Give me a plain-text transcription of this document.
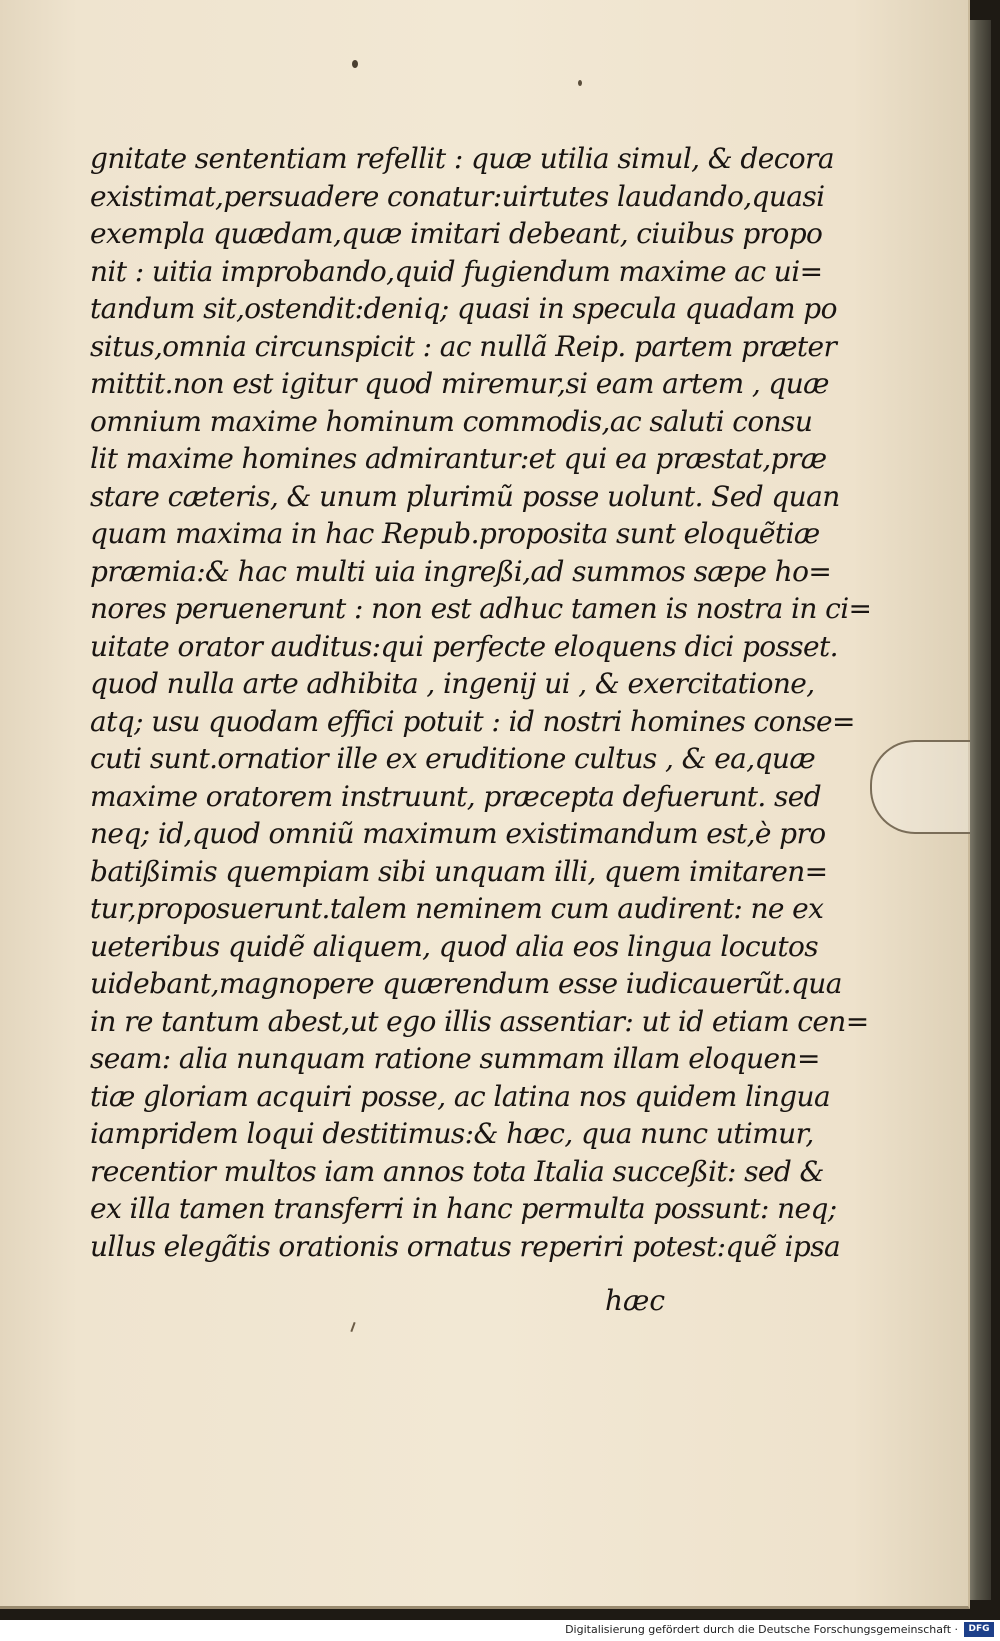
gnitate sententiam refellit : quæ utilia simul, & decora
existimat,persuadere conatur:uirtutes laudando,quasi
exempla quædam,quæ imitari debeant, ciuibus propo
nit : uitia improbando,quid fugiendum maxime ac ui=
tandum sit,ostendit:deniq; quasi in specula quadam po
situs,omnia circunspicit : ac nullã Reip. partem præter
mittit.non est igitur quod miremur,si eam artem , quæ
omnium maxime hominum commodis,ac saluti consu
lit maxime homines admirantur:et qui ea præstat,præ
stare cæteris, & unum plurimũ posse uolunt. Sed quan
quam maxima in hac Repub.proposita sunt eloquẽtiæ
præmia:& hac multi uia ingreßi,ad summos sæpe ho=
nores peruenerunt : non est adhuc tamen is nostra in ci=
uitate orator auditus:qui perfecte eloquens dici posset.
quod nulla arte adhibita , ingenij ui , & exercitatione,
atq; usu quodam effici potuit : id nostri homines conse=
cuti sunt.ornatior ille ex eruditione cultus , & ea,quæ
maxime oratorem instruunt, præcepta defuerunt. sed
neq; id,quod omniũ maximum existimandum est,è pro
batißimis quempiam sibi unquam illi, quem imitaren=
tur,proposuerunt.talem neminem cum audirent: ne ex
ueteribus quidẽ aliquem, quod alia eos lingua locutos
uidebant,magnopere quærendum esse iudicauerũt.qua
in re tantum abest,ut ego illis assentiar: ut id etiam cen=
seam: alia nunquam ratione summam illam eloquen=
tiæ gloriam acquiri posse, ac latina nos quidem lingua
iampridem loqui destitimus:& hæc, qua nunc utimur,
recentior multos iam annos tota Italia succeßit: sed &
ex illa tamen transferri in hanc permulta possunt: neq;
ullus elegãtis orationis ornatus reperiri potest:quẽ ipsa
hæc
Digitalisierung gefördert durch die Deutsche Forschungsgemeinschaft ·	DFG
